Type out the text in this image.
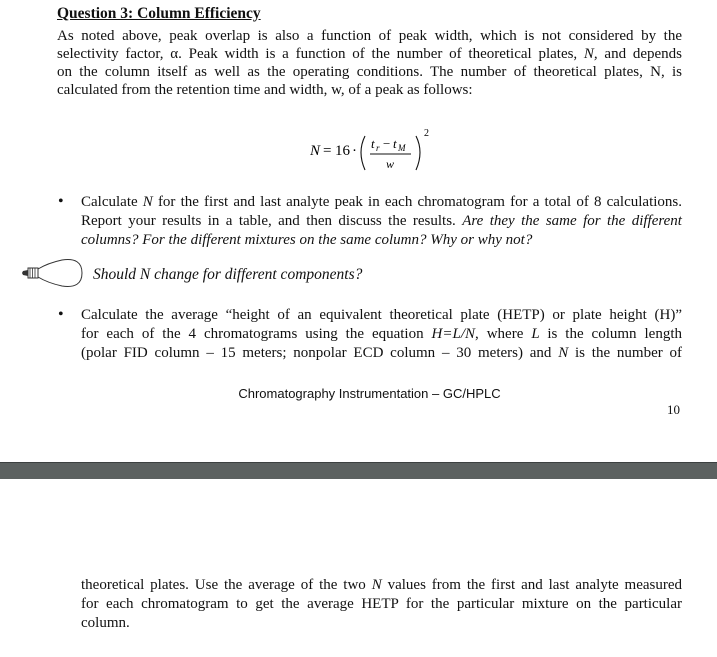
Question 3: Column Efficiency

As noted above, peak overlap is also a function of peak width, which is not considered by the
selectivity factor, α. Peak width is a function of the number of theoretical plates, N, and depends
on the column itself as well as the operating conditions. The number of theoretical plates, N, is
calculated from the retention time and width, w, of a peak as follows:

N = 16 · t r − t M
w
2
• Calculate N for the first and last analyte peak in each chromatogram for a total of 8 calculations.
Report your results in a table, and then discuss the results. Are they the same for the different
columns? For the different mixtures on the same column? Why or why not?
Should N change for different components?
• Calculate the average “height of an equivalent theoretical plate (HETP) or plate height (H)”
for each of the 4 chromatograms using the equation H=L/N, where L is the column length
(polar FID column – 15 meters; nonpolar ECD column – 30 meters) and N is the number of
Chromatography Instrumentation – GC/HPLC
10
theoretical plates. Use the average of the two N values from the first and last analyte measured
for each chromatogram to get the average HETP for the particular mixture on the particular
column.
